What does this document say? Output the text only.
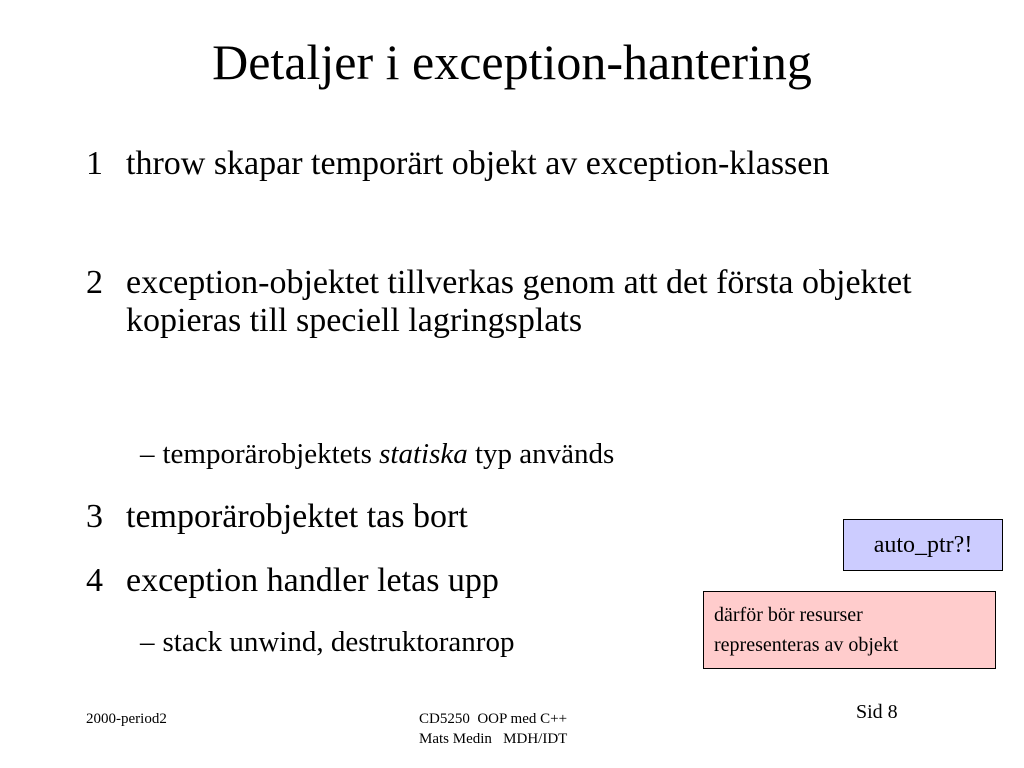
Detaljer i exception-hantering
1 throw skapar temporärt objekt av exception-klassen
2 exception-objektet tillverkas genom att det första objektet kopieras till speciell lagringsplats
– temporärobjektets statiska typ används
3 temporärobjektet tas bort
4 exception handler letas upp
– stack unwind, destruktoranrop
auto_ptr?!
därför bör resurser
representeras av objekt
2000-period2	CD5250  OOP med C++
Mats Medin   MDH/IDT
Sid 8
